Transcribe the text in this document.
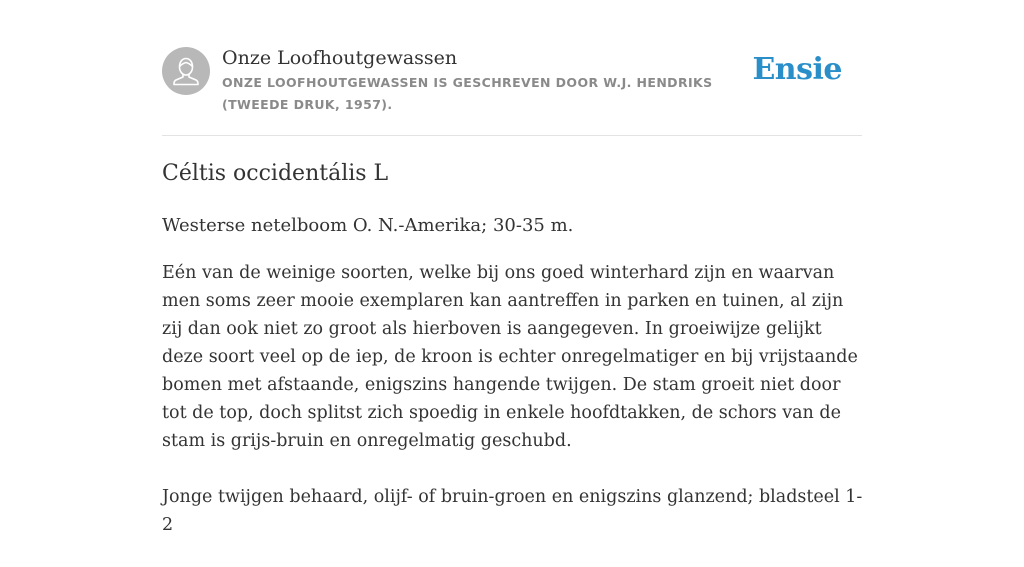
Onze Loofhoutgewassen
ONZE LOOFHOUTGEWASSEN IS GESCHREVEN DOOR W.J. HENDRIKS (TWEEDE DRUK, 1957).
Ensie
Céltis occidentális L
Westerse netelboom O. N.-Amerika; 30-35 m.

Eén van de weinige soorten, welke bij ons goed winterhard zijn en waarvan men soms zeer mooie exemplaren kan aantreffen in parken en tuinen, al zijn zij dan ook niet zo groot als hierboven is aangegeven. In groeiwijze gelijkt deze soort veel op de iep, de kroon is echter onregelmatiger en bij vrijstaande bomen met afstaande, enigszins hangende twijgen. De stam groeit niet door tot de top, doch splitst zich spoedig in enkele hoofdtakken, de schors van de stam is grijs-bruin en onregelmatig geschubd.

Jonge twijgen behaard, olijf- of bruin-groen en enigszins glanzend; bladsteel 1-2
